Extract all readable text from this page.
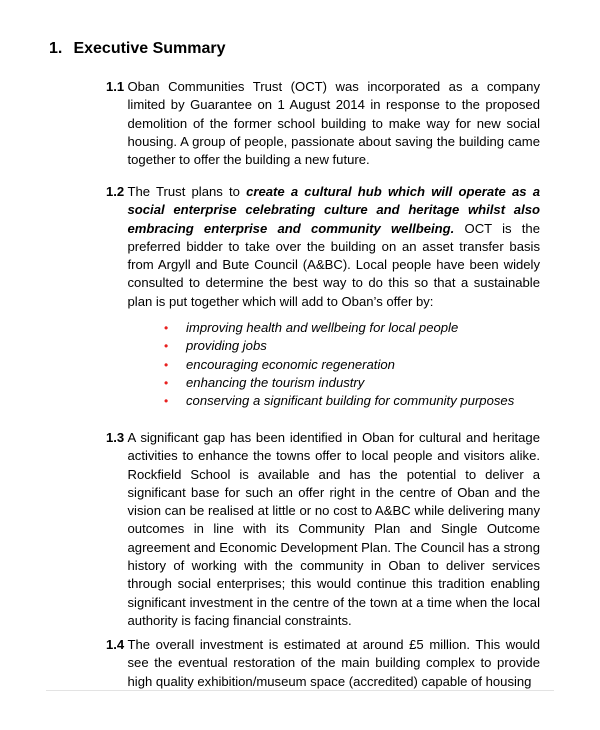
1. Executive Summary
1.1 Oban Communities Trust (OCT) was incorporated as a company limited by Guarantee on 1 August 2014 in response to the proposed demolition of the former school building to make way for new social housing. A group of people, passionate about saving the building came together to offer the building a new future.
1.2 The Trust plans to create a cultural hub which will operate as a social enterprise celebrating culture and heritage whilst also embracing enterprise and community wellbeing. OCT is the preferred bidder to take over the building on an asset transfer basis from Argyll and Bute Council (A&BC). Local people have been widely consulted to determine the best way to do this so that a sustainable plan is put together which will add to Oban’s offer by:
• improving health and wellbeing for local people
• providing jobs
• encouraging economic regeneration
• enhancing the tourism industry
• conserving a significant building for community purposes
1.3 A significant gap has been identified in Oban for cultural and heritage activities to enhance the towns offer to local people and visitors alike. Rockfield School is available and has the potential to deliver a significant base for such an offer right in the centre of Oban and the vision can be realised at little or no cost to A&BC while delivering many outcomes in line with its Community Plan and Single Outcome agreement and Economic Development Plan. The Council has a strong history of working with the community in Oban to deliver services through social enterprises; this would continue this tradition enabling significant investment in the centre of the town at a time when the local authority is facing financial constraints.
1.4 The overall investment is estimated at around £5 million. This would see the eventual restoration of the main building complex to provide high quality exhibition/museum space (accredited) capable of housing
